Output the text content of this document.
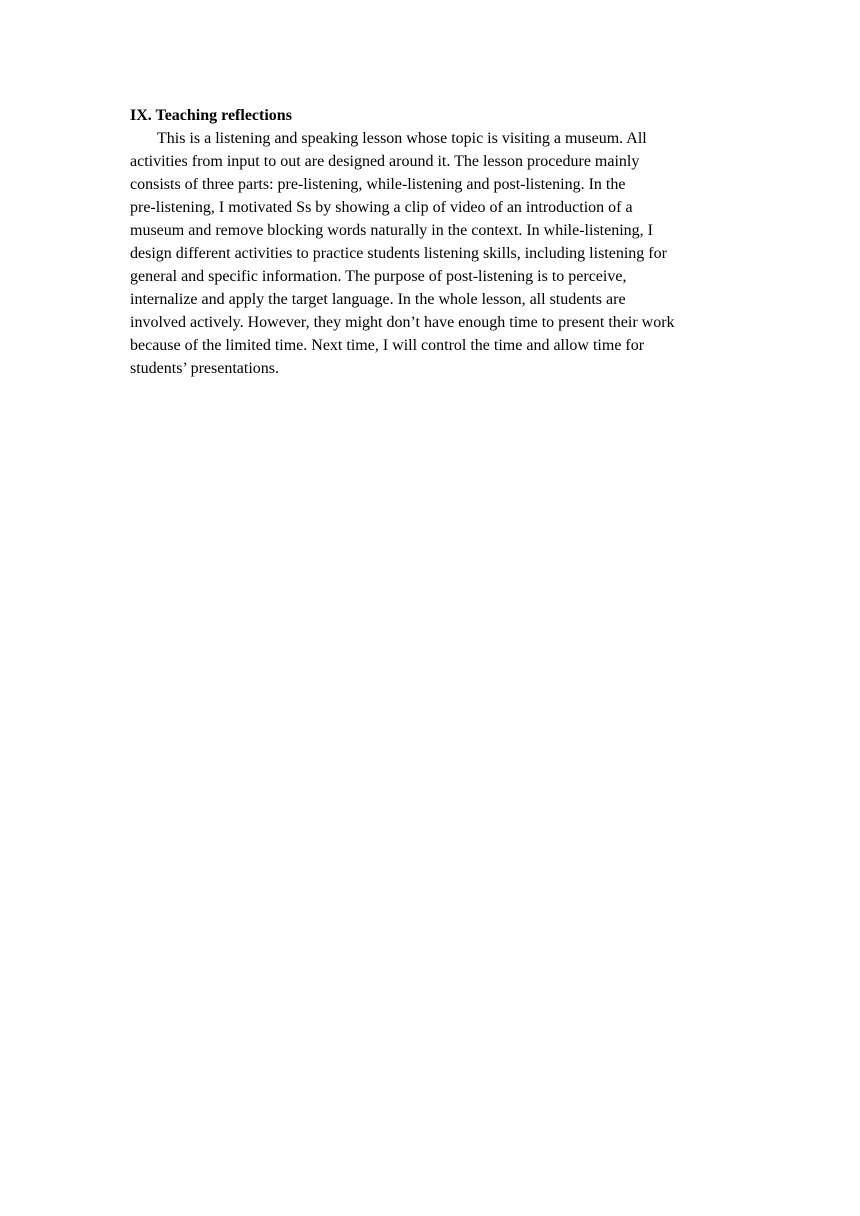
IX. Teaching reflections

This is a listening and speaking lesson whose topic is visiting a museum. All

activities from input to out are designed around it. The lesson procedure mainly

consists of three parts: pre-listening, while-listening and post-listening. In the

pre-listening, I motivated Ss by showing a clip of video of an introduction of a

museum and remove blocking words naturally in the context. In while-listening, I

design different activities to practice students listening skills, including listening for

general and specific information. The purpose of post-listening is to perceive,

internalize and apply the target language. In the whole lesson, all students are

involved actively. However, they might don’t have enough time to present their work

because of the limited time. Next time, I will control the time and allow time for

students’ presentations.
